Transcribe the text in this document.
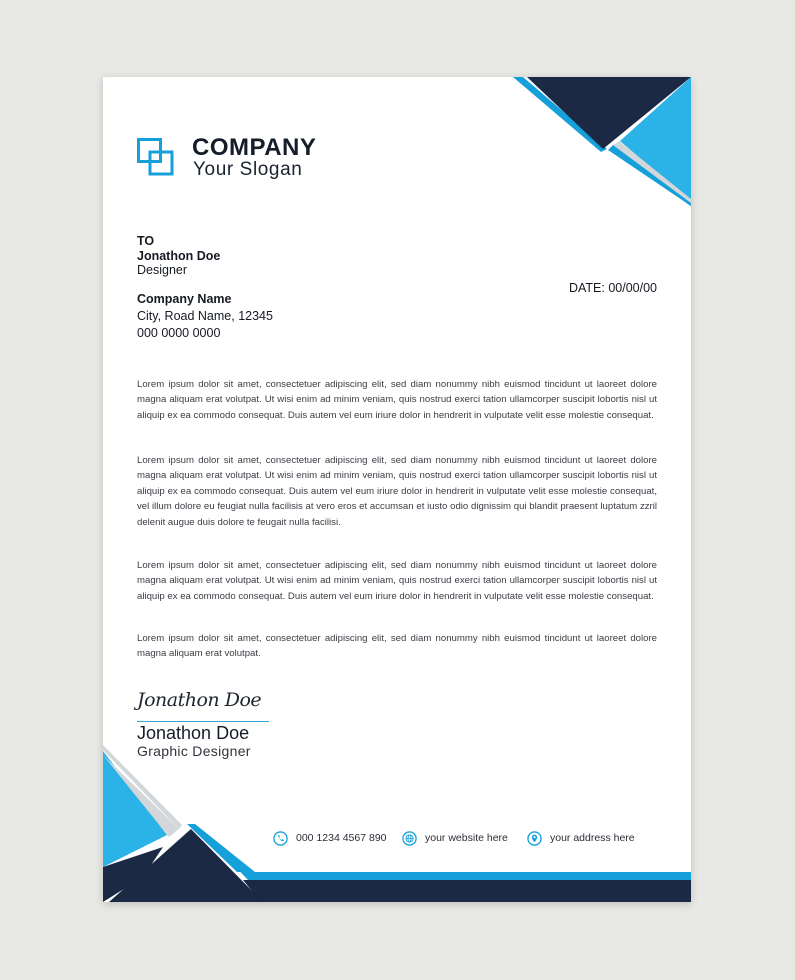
COMPANY
Your Slogan
TO
Jonathon Doe
Designer
Company Name
City, Road Name, 12345
000 0000 0000
DATE: 00/00/00
Lorem ipsum dolor sit amet, consectetuer adipiscing elit, sed diam nonummy nibh euismod tincidunt ut laoreet dolore magna aliquam erat volutpat. Ut wisi enim ad minim veniam, quis nostrud exerci tation ullamcorper suscipit lobortis nisl ut aliquip ex ea commodo consequat. Duis autem vel eum iriure dolor in hendrerit in vulputate velit esse molestie consequat.
Lorem ipsum dolor sit amet, consectetuer adipiscing elit, sed diam nonummy nibh euismod tincidunt ut laoreet dolore magna aliquam erat volutpat. Ut wisi enim ad minim veniam, quis nostrud exerci tation ullamcorper suscipit lobortis nisl ut aliquip ex ea commodo consequat. Duis autem vel eum iriure dolor in hendrerit in vulputate velit esse molestie consequat, vel illum dolore eu feugiat nulla facilisis at vero eros et accumsan et iusto odio dignissim qui blandit praesent luptatum zzril delenit augue duis dolore te feugait nulla facilisi.
Lorem ipsum dolor sit amet, consectetuer adipiscing elit, sed diam nonummy nibh euismod tincidunt ut laoreet dolore magna aliquam erat volutpat. Ut wisi enim ad minim veniam, quis nostrud exerci tation ullamcorper suscipit lobortis nisl ut aliquip ex ea commodo consequat. Duis autem vel eum iriure dolor in hendrerit in vulputate velit esse molestie consequat.
Lorem ipsum dolor sit amet, consectetuer adipiscing elit, sed diam nonummy nibh euismod tincidunt ut laoreet dolore magna aliquam erat volutpat.
Jonathon Doe
Jonathon Doe
Graphic Designer
000 1234 4567 890	your website here	your address here
